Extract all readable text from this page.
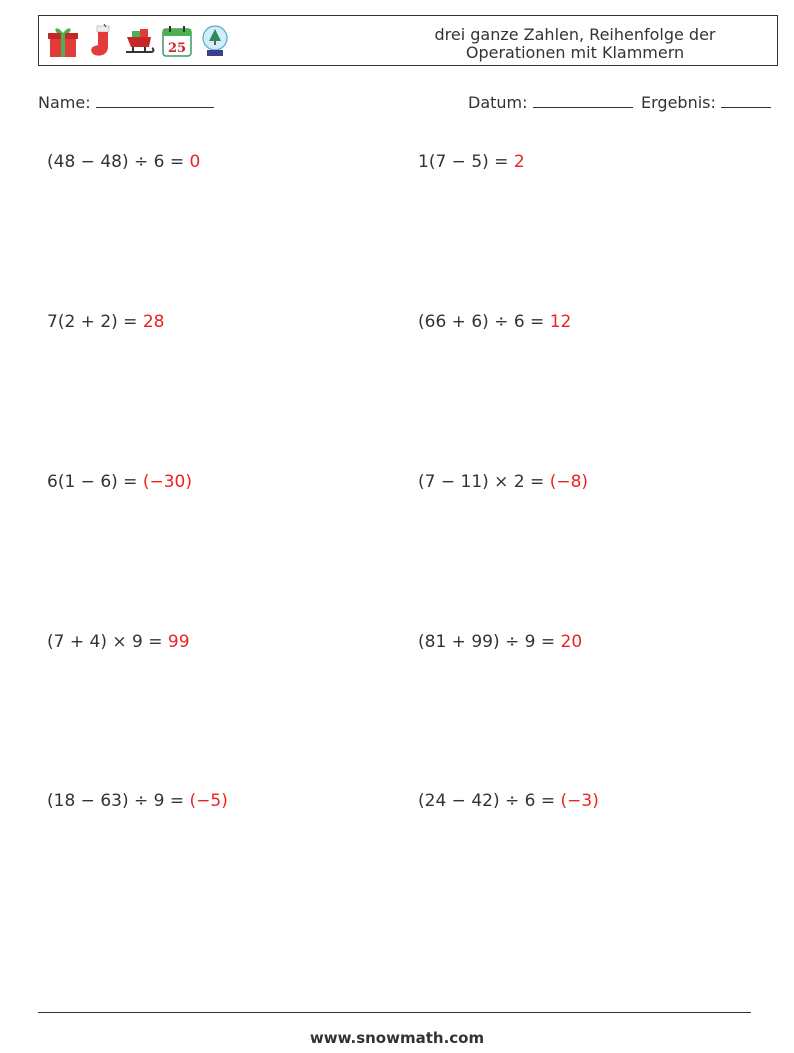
25
drei ganze Zahlen, Reihenfolge der
Operationen mit Klammern
Name:	Datum:	Ergebnis:
(48 − 48) ÷ 6 = 0	1(7 − 5) = 2
7(2 + 2) = 28	(66 + 6) ÷ 6 = 12
6(1 − 6) = (−30)	(7 − 11) × 2 = (−8)
(7 + 4) × 9 = 99	(81 + 99) ÷ 9 = 20
(18 − 63) ÷ 9 = (−5)	(24 − 42) ÷ 6 = (−3)
www.snowmath.com
